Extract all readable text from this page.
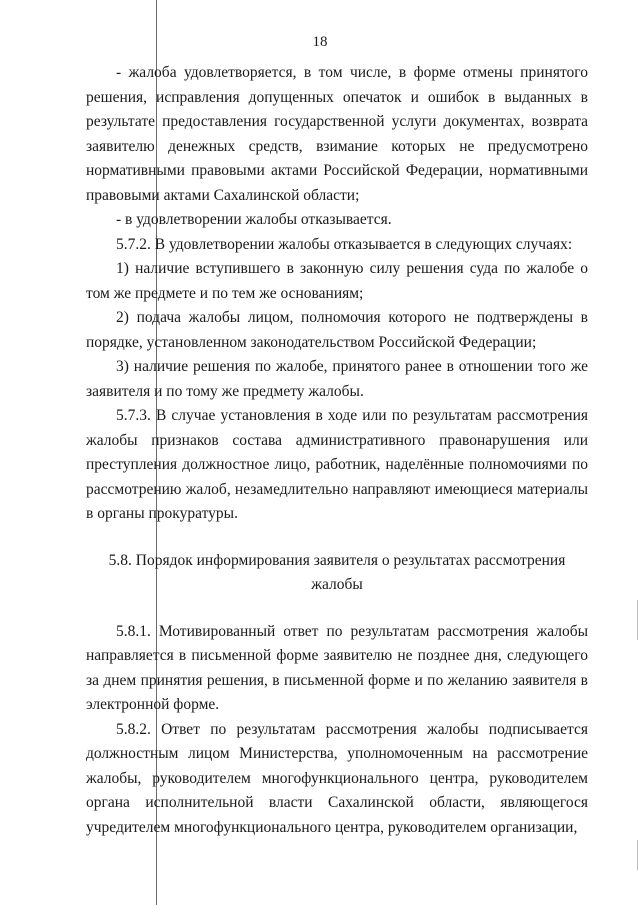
18

- жалоба удовлетворяется, в том числе, в форме отмены принятого решения, исправления допущенных опечаток и ошибок в выданных в результате предоставления государственной услуги документах, возврата заявителю денежных средств, взимание которых не предусмотрено нормативными правовыми актами Российской Федерации, нормативными правовыми актами Сахалинской области;

- в удовлетворении жалобы отказывается.

5.7.2. В удовлетворении жалобы отказывается в следующих случаях:

1) наличие вступившего в законную силу решения суда по жалобе о том же предмете и по тем же основаниям;

2) подача жалобы лицом, полномочия которого не подтверждены в порядке, установленном законодательством Российской Федерации;

3) наличие решения по жалобе, принятого ранее в отношении того же заявителя и по тому же предмету жалобы.

5.7.3. В случае установления в ходе или по результатам рассмотрения жалобы признаков состава административного правонарушения или преступления должностное лицо, работник, наделённые полномочиями по рассмотрению жалоб, незамедлительно направляют имеющиеся материалы в органы прокуратуры.

5.8. Порядок информирования заявителя о результатах рассмотрения жалобы

5.8.1. Мотивированный ответ по результатам рассмотрения жалобы направляется в письменной форме заявителю не позднее дня, следующего за днем принятия решения, в письменной форме и по желанию заявителя в электронной форме.

5.8.2. Ответ по результатам рассмотрения жалобы подписывается должностным лицом Министерства, уполномоченным на рассмотрение жалобы, руководителем многофункционального центра, руководителем органа исполнительной власти Сахалинской области, являющегося учредителем многофункционального центра, руководителем организации,
